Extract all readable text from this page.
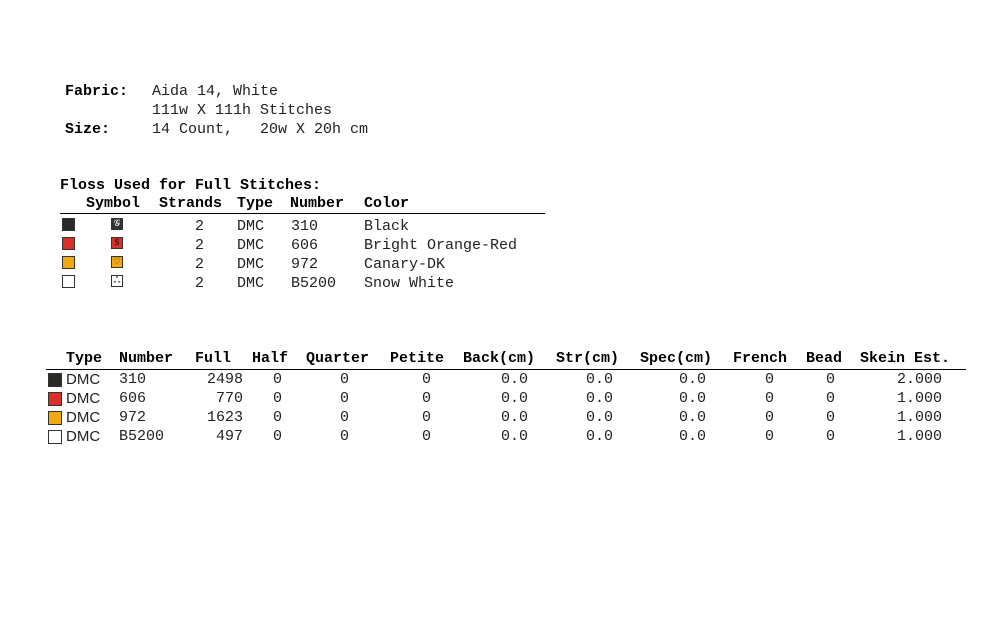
Fabric: Aida 14, White
111w X 111h Stitches
Size:	14 Count,   20w X 20h cm
Floss Used for Full Stitches:
Symbol Strands Type Number Color
𝒢	2 DMC	310	Black
$	2 DMC	606	Bright Orange-Red
♡	2 DMC	972	Canary-DK
ஃ	2 DMC	B5200	Snow White
Type Number Full Half Quarter Petite Back(cm) Str(cm) Spec(cm) French Bead Skein Est.
DMC	310	2498 0	0	0	0.0	0.0	0.0	0	0	2.000
DMC	606	770 0	0	0	0.0	0.0	0.0	0	0	1.000
DMC	972	1623 0	0	0	0.0	0.0	0.0	0	0	1.000
DMC	B5200	497 0	0	0	0.0	0.0	0.0	0	0	1.000
